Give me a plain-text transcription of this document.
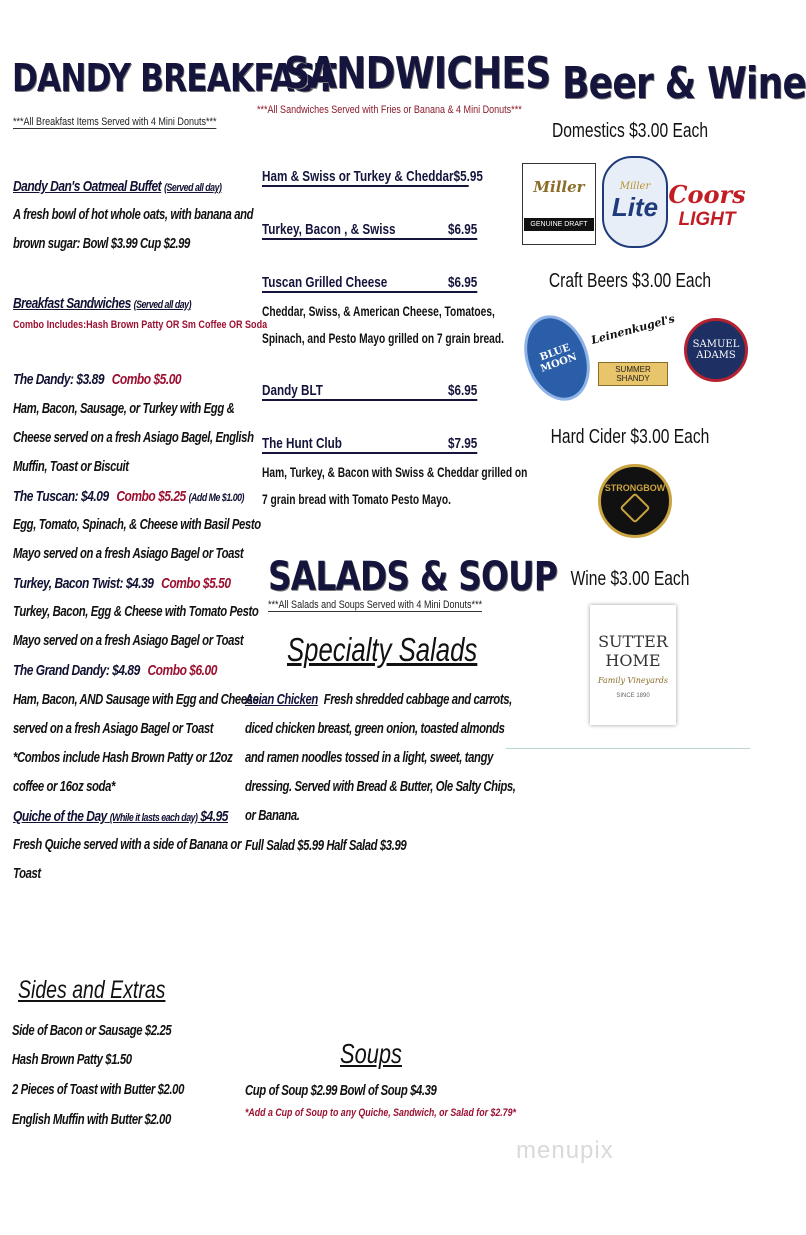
DANDY BREAKFAST
***All Breakfast Items Served with 4 Mini Donuts***
Dandy Dan's Oatmeal Buffet (Served all day)
A fresh bowl of hot whole oats, with banana and
brown sugar: Bowl $3.99 Cup $2.99
Breakfast Sandwiches (Served all day)
Combo Includes:Hash Brown Patty OR Sm Coffee OR Soda
The Dandy: $3.89 Combo $5.00
Ham, Bacon, Sausage, or Turkey with Egg &
Cheese served on a fresh Asiago Bagel, English
Muffin, Toast or Biscuit
The Tuscan: $4.09 Combo $5.25 (Add Me $1.00)
Egg, Tomato, Spinach, & Cheese with Basil Pesto
Mayo served on a fresh Asiago Bagel or Toast
Turkey, Bacon Twist: $4.39 Combo $5.50
Turkey, Bacon, Egg & Cheese with Tomato Pesto
Mayo served on a fresh Asiago Bagel or Toast
The Grand Dandy: $4.89 Combo $6.00
Ham, Bacon, AND Sausage with Egg and Cheese
served on a fresh Asiago Bagel or Toast
*Combos include Hash Brown Patty or 12oz
coffee or 16oz soda*
Quiche of the Day (While it lasts each day) $4.95
Fresh Quiche served with a side of Banana or
Toast
Sides and Extras
Side of Bacon or Sausage $2.25
Hash Brown Patty $1.50
2 Pieces of Toast with Butter $2.00
English Muffin with Butter $2.00
SANDWICHES
***All Sandwiches Served with Fries or Banana & 4 Mini Donuts***
Ham & Swiss or Turkey & Cheddar $5.95
Turkey, Bacon , & Swiss	$6.95
Tuscan Grilled Cheese	$6.95
Cheddar, Swiss, & American Cheese, Tomatoes,
Spinach, and Pesto Mayo grilled on 7 grain bread.
Dandy BLT	$6.95
The Hunt Club	$7.95
Ham, Turkey, & Bacon with Swiss & Cheddar grilled on
7 grain bread with Tomato Pesto Mayo.
SALADS & SOUP
***All Salads and Soups Served with 4 Mini Donuts***
Specialty Salads
Asian Chicken Fresh shredded cabbage and carrots,
diced chicken breast, green onion, toasted almonds
and ramen noodles tossed in a light, sweet, tangy
dressing. Served with Bread & Butter, Ole Salty Chips,
or Banana.
Full Salad $5.99 Half Salad $3.99
Soups
Cup of Soup $2.99 Bowl of Soup $4.39
*Add a Cup of Soup to any Quiche, Sandwich, or Salad for $2.79*
Beer & Wine
Domestics $3.00 Each
Miller
GENUINE DRAFT
Miller
Lite Coors
LIGHT
Craft Beers $3.00 Each
BLUE MOON
Leinenkugel's
SUMMER SHANDY
SAMUEL
ADAMS
Hard Cider $3.00 Each
STRONGBOW
Wine $3.00 Each
SUTTER
HOME
Family Vineyards
SINCE 1890
menupix
